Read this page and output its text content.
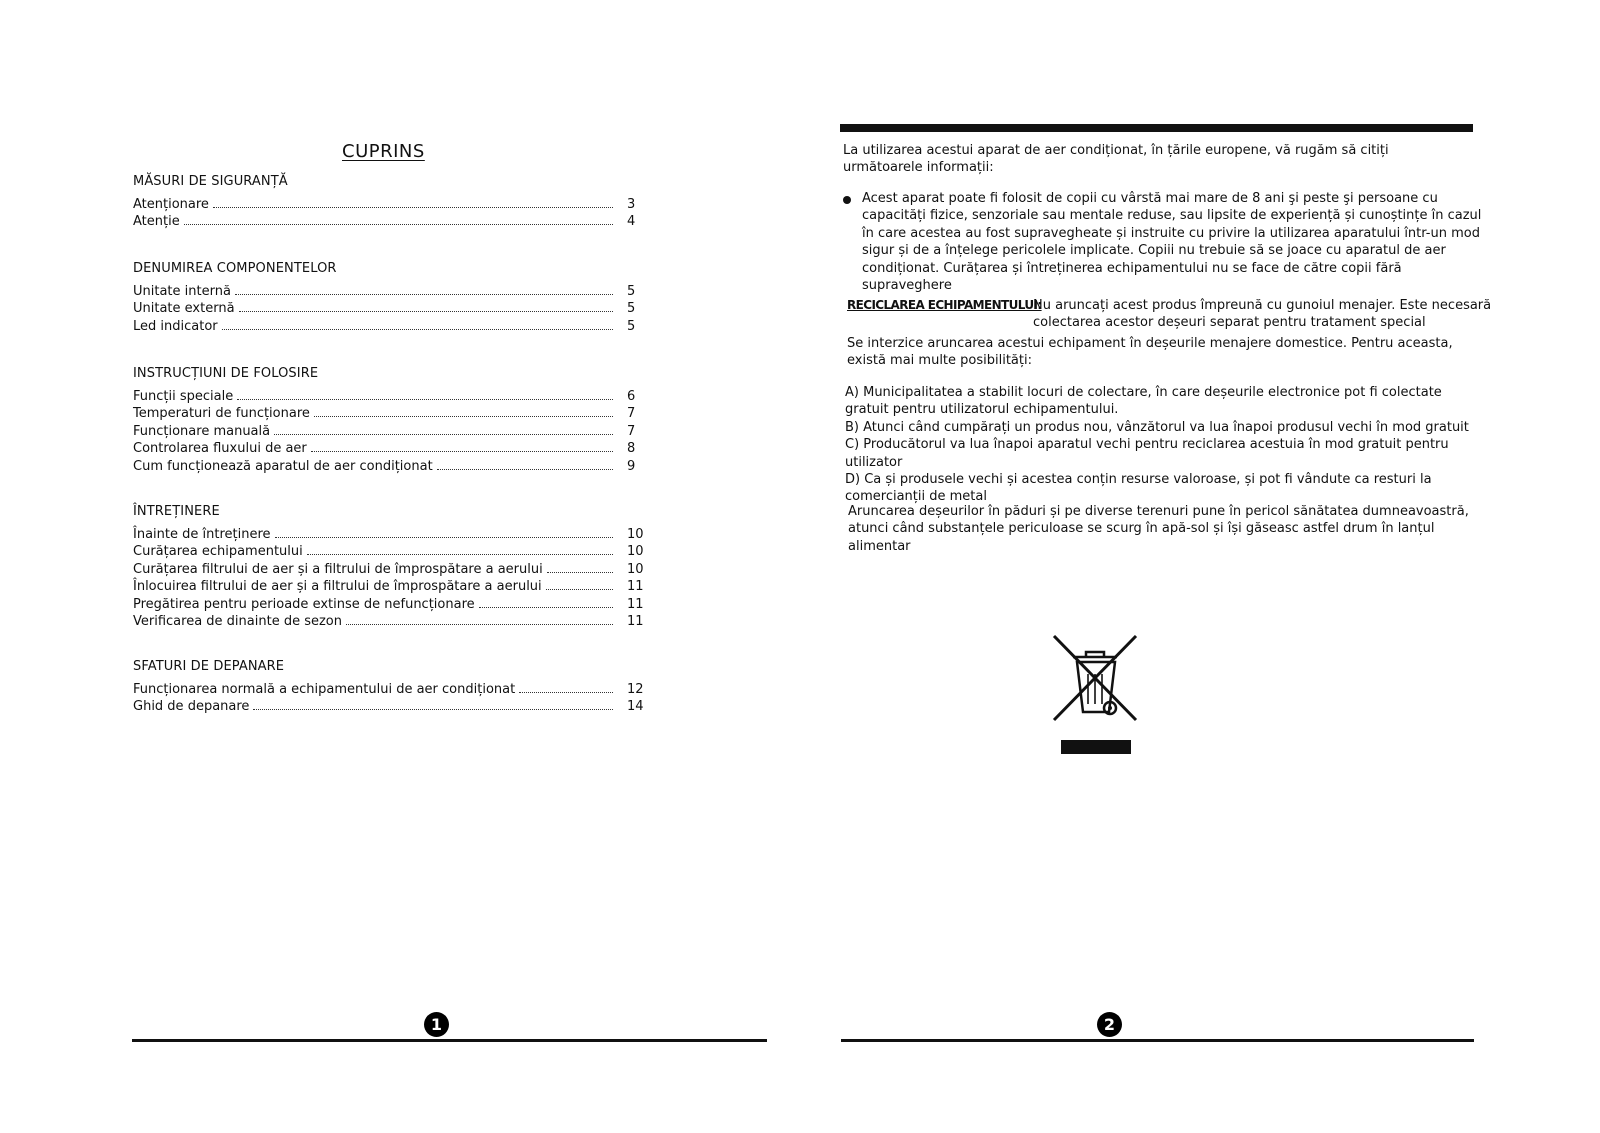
CUPRINS
MĂSURI DE SIGURANȚĂ
Atenționare	3
Atenție	4
DENUMIREA COMPONENTELOR
Unitate internă	5
Unitate externă	5
Led indicator	5
INSTRUCȚIUNI DE FOLOSIRE
Funcții speciale	6
Temperaturi de funcționare	7
Funcționare manuală	7
Controlarea fluxului de aer	8
Cum funcționează aparatul de aer condiționat	9
ÎNTREȚINERE
Înainte de întreținere	10
Curățarea echipamentului	10
Curățarea filtrului de aer și a filtrului de împrospătare a aerului	10
Înlocuirea filtrului de aer și a filtrului de împrospătare a aerului	11
Pregătirea pentru perioade extinse de nefuncționare	11
Verificarea de dinainte de sezon	11
SFATURI DE DEPANARE
Funcționarea normală a echipamentului de aer condiționat	12
Ghid de depanare	14
1

La utilizarea acestui aparat de aer condiționat, în țările europene, vă rugăm să citiți următoarele informații:

Acest aparat poate fi folosit de copii cu vârstă mai mare de 8 ani şi peste şi persoane cu capacități fizice, senzoriale sau mentale reduse, sau lipsite de experiență și cunoștințe în cazul în care acestea au fost supravegheate și instruite cu privire la utilizarea aparatului într-un mod sigur și de a înțelege pericolele implicate. Copiii nu trebuie să se joace cu aparatul de aer condiționat. Curățarea și întreținerea echipamentului nu se face de către copii fără supraveghere

RECICLAREA ECHIPAMENTULUI:
Nu aruncați acest produs împreună cu gunoiul menajer. Este necesară
colectarea acestor deșeuri separat pentru tratament special

Se interzice aruncarea acestui echipament în deșeurile menajere domestice. Pentru aceasta, există mai multe posibilități:

A) Municipalitatea a stabilit locuri de colectare, în care deșeurile electronice pot fi colectate gratuit pentru utilizatorul echipamentului.

B) Atunci când cumpărați un produs nou, vânzătorul va lua înapoi produsul vechi în mod gratuit

C) Producătorul va lua înapoi aparatul vechi pentru reciclarea acestuia în mod gratuit pentru utilizator

D) Ca și produsele vechi și acestea conțin resurse valoroase, și pot fi vândute ca resturi la comercianții de metal

Aruncarea deșeurilor în păduri și pe diverse terenuri pune în pericol sănătatea dumneavoastră, atunci când substanțele periculoase se scurg în apă-sol și își găseasc astfel drum în lanțul alimentar

2
